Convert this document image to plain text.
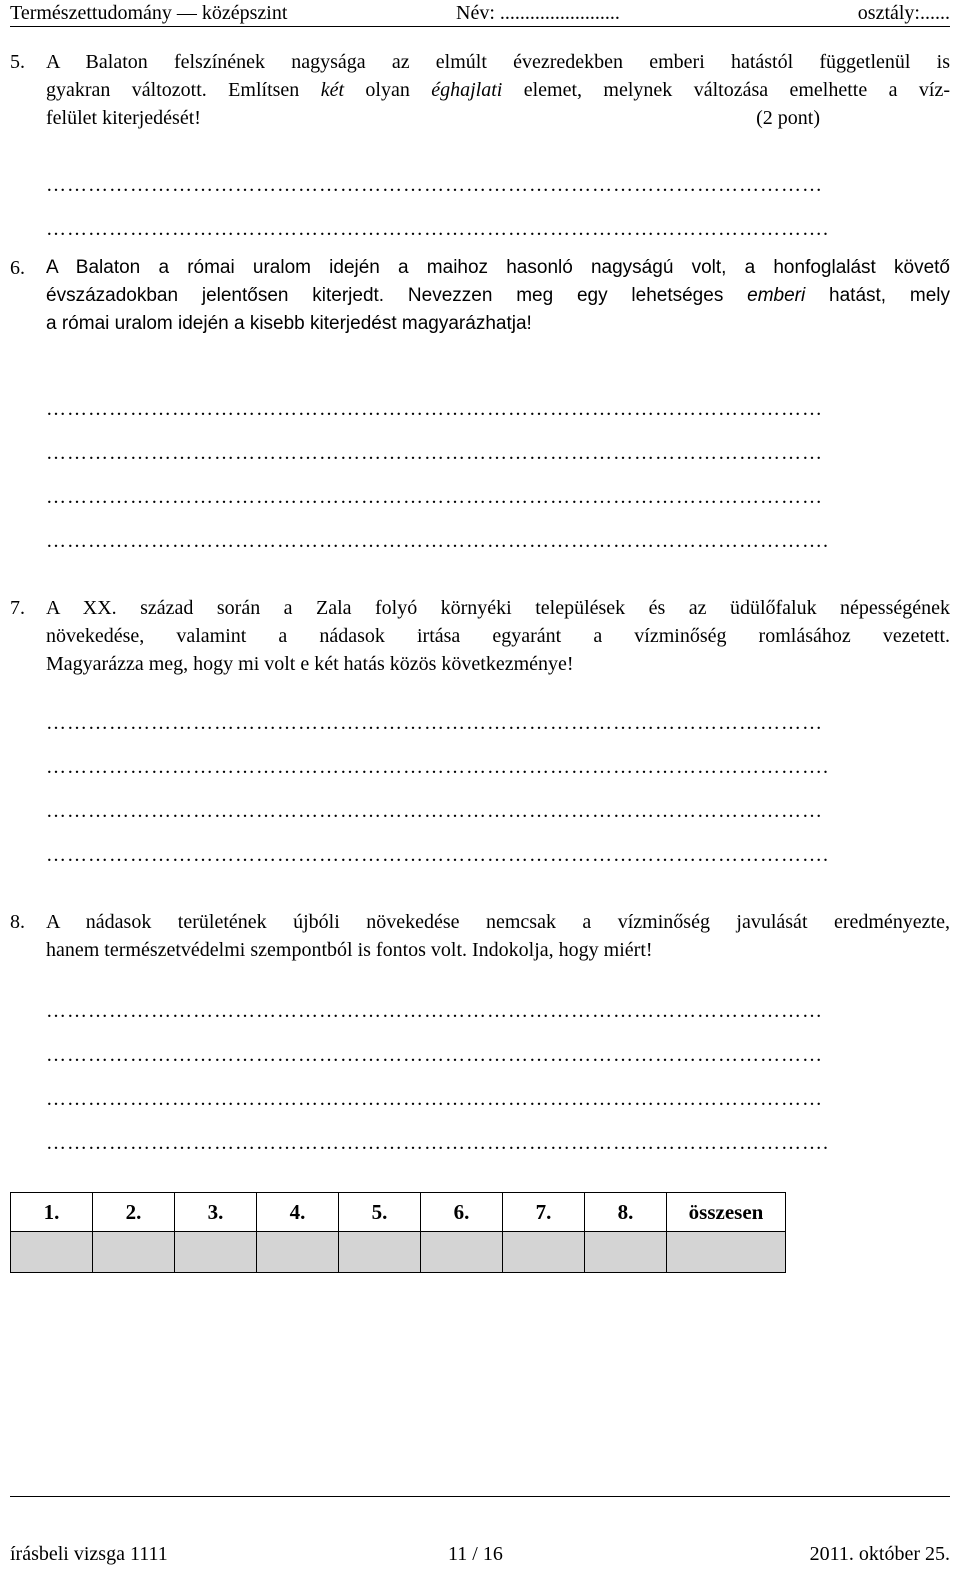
Természettudomány — középszint	Név: ........................	osztály:......
5. A Balaton felszínének nagysága az elmúlt évezredekben emberi hatástól függetlenül is
gyakran változott. Említsen két olyan éghajlati elemet, melynek változása emelhette a víz-
felület kiterjedését!	(2 pont)
…………………………………………………………………………………………………
………………………………………………………………………………………………….
6. A Balaton a római uralom idején a maihoz hasonló nagyságú volt, a honfoglalást követő
évszázadokban jelentősen kiterjedt. Nevezzen meg egy lehetséges emberi hatást, mely
a római uralom idején a kisebb kiterjedést magyarázhatja!
…………………………………………………………………………………………………
…………………………………………………………………………………………………
…………………………………………………………………………………………………
………………………………………………………………………………………………….
7. A XX. század során a Zala folyó környéki települések és az üdülőfaluk népességének
növekedése, valamint a nádasok irtása egyaránt a vízminőség romlásához vezetett.
Magyarázza meg, hogy mi volt e két hatás közös következménye!
…………………………………………………………………………………………………
………………………………………………………………………………………………….
…………………………………………………………………………………………………
………………………………………………………………………………………………….
8. A nádasok területének újbóli növekedése nemcsak a vízminőség javulását eredményezte,
hanem természetvédelmi szempontból is fontos volt. Indokolja, hogy miért!
…………………………………………………………………………………………………
…………………………………………………………………………………………………
…………………………………………………………………………………………………
………………………………………………………………………………………………….
1.	2.	3.	4.	5.	6.	7.	8.	összesen

írásbeli vizsga 1111	11 / 16	2011. október 25.
